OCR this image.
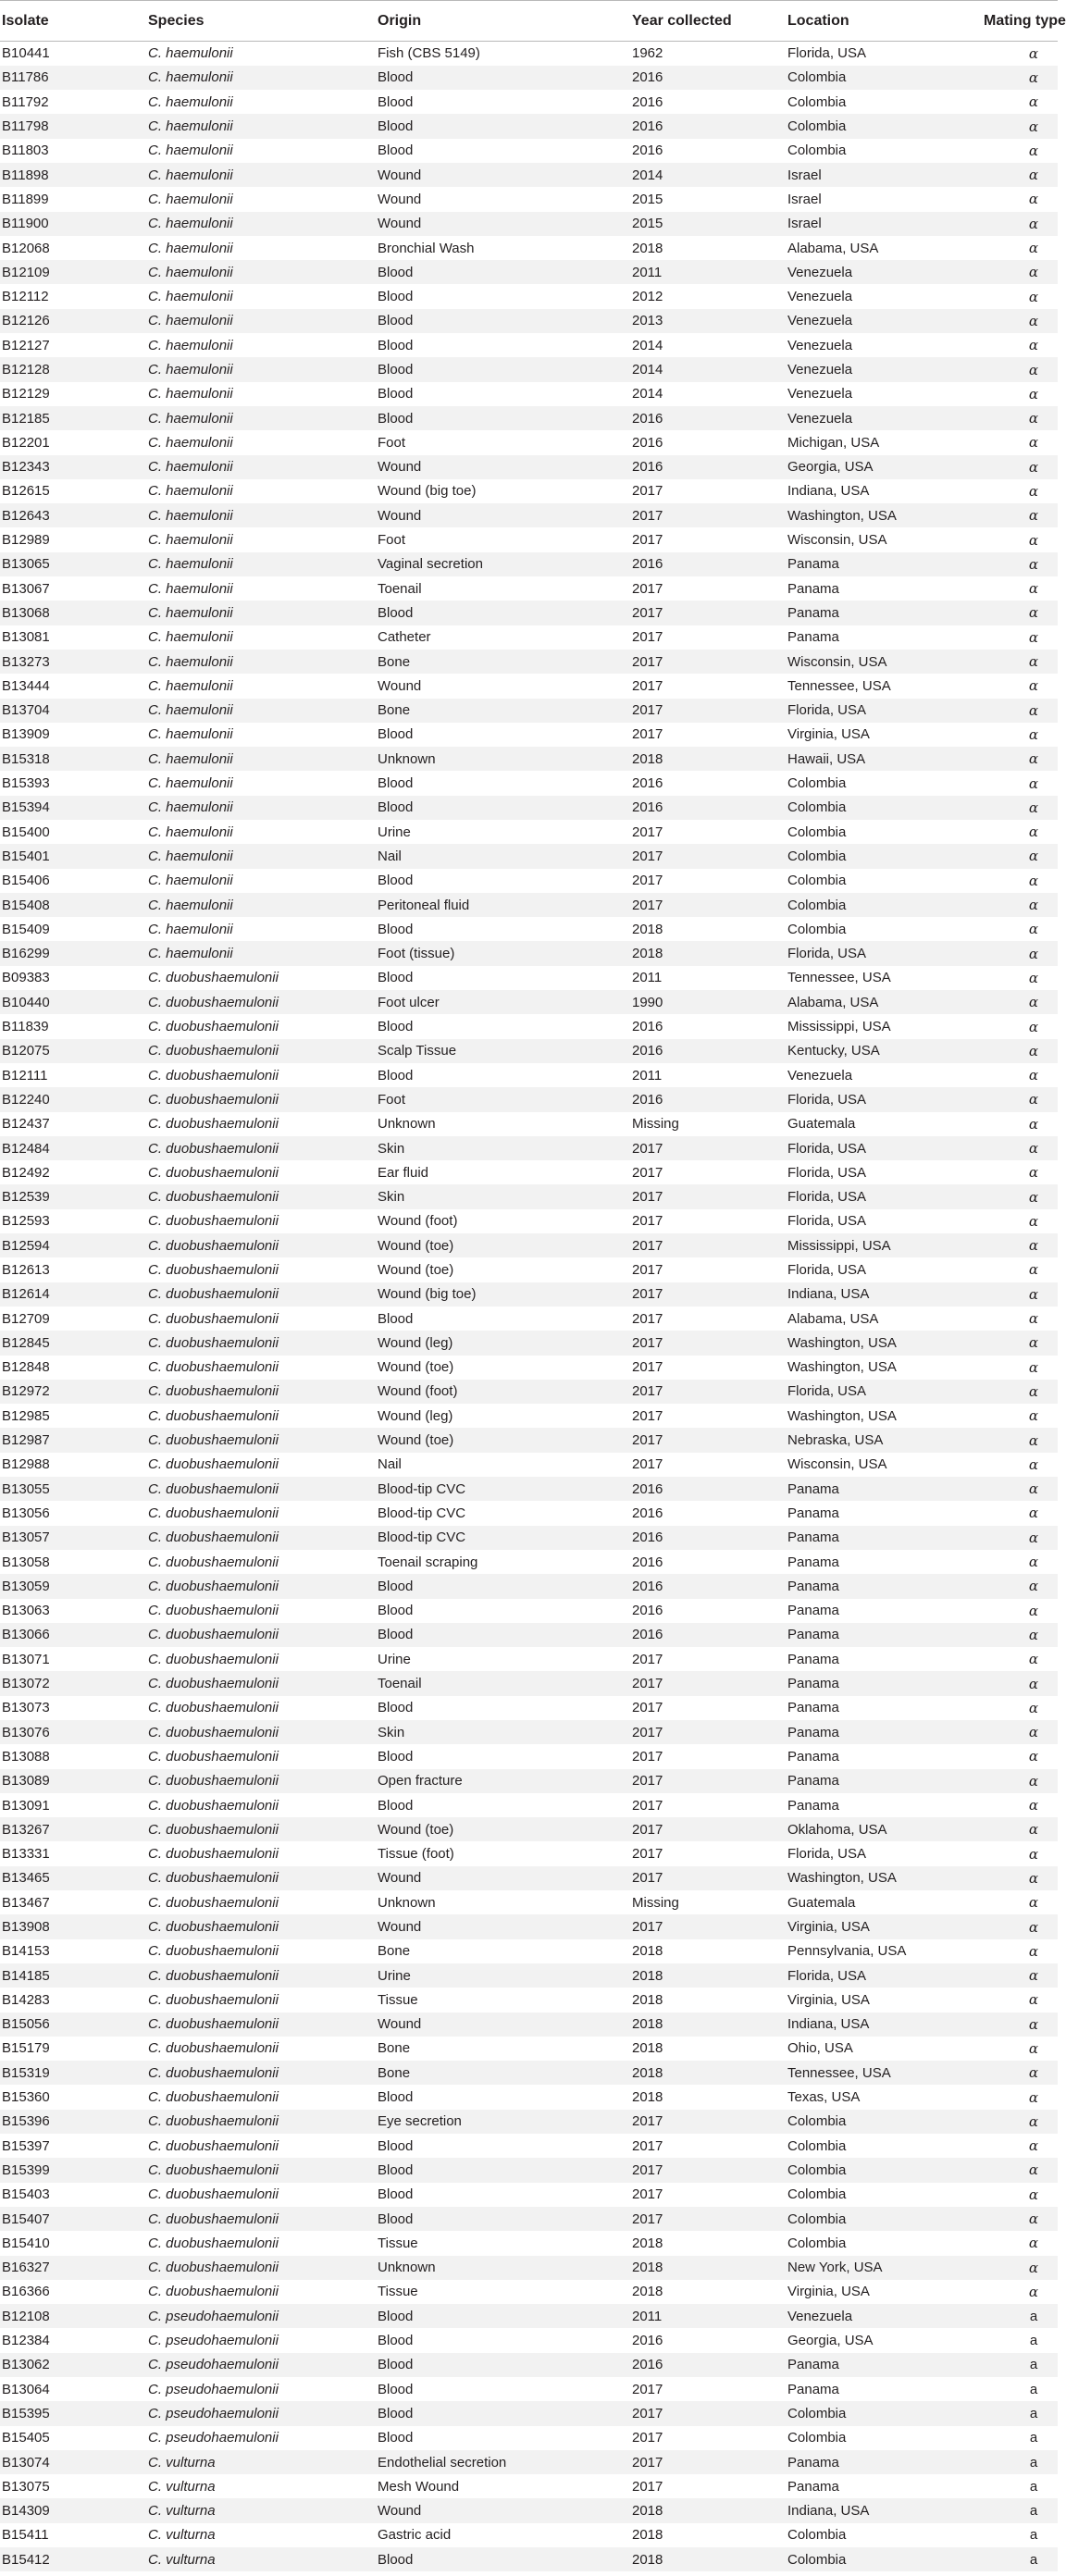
Isolate	Species	Origin	Year collected	Location	Mating type
B10441	C. haemulonii	Fish (CBS 5149)	1962	Florida, USA	α
B11786	C. haemulonii	Blood	2016	Colombia	α
B11792	C. haemulonii	Blood	2016	Colombia	α
B11798	C. haemulonii	Blood	2016	Colombia	α
B11803	C. haemulonii	Blood	2016	Colombia	α
B11898	C. haemulonii	Wound	2014	Israel	α
B11899	C. haemulonii	Wound	2015	Israel	α
B11900	C. haemulonii	Wound	2015	Israel	α
B12068	C. haemulonii	Bronchial Wash	2018	Alabama, USA	α
B12109	C. haemulonii	Blood	2011	Venezuela	α
B12112	C. haemulonii	Blood	2012	Venezuela	α
B12126	C. haemulonii	Blood	2013	Venezuela	α
B12127	C. haemulonii	Blood	2014	Venezuela	α
B12128	C. haemulonii	Blood	2014	Venezuela	α
B12129	C. haemulonii	Blood	2014	Venezuela	α
B12185	C. haemulonii	Blood	2016	Venezuela	α
B12201	C. haemulonii	Foot	2016	Michigan, USA	α
B12343	C. haemulonii	Wound	2016	Georgia, USA	α
B12615	C. haemulonii	Wound (big toe)	2017	Indiana, USA	α
B12643	C. haemulonii	Wound	2017	Washington, USA	α
B12989	C. haemulonii	Foot	2017	Wisconsin, USA	α
B13065	C. haemulonii	Vaginal secretion	2016	Panama	α
B13067	C. haemulonii	Toenail	2017	Panama	α
B13068	C. haemulonii	Blood	2017	Panama	α
B13081	C. haemulonii	Catheter	2017	Panama	α
B13273	C. haemulonii	Bone	2017	Wisconsin, USA	α
B13444	C. haemulonii	Wound	2017	Tennessee, USA	α
B13704	C. haemulonii	Bone	2017	Florida, USA	α
B13909	C. haemulonii	Blood	2017	Virginia, USA	α
B15318	C. haemulonii	Unknown	2018	Hawaii, USA	α
B15393	C. haemulonii	Blood	2016	Colombia	α
B15394	C. haemulonii	Blood	2016	Colombia	α
B15400	C. haemulonii	Urine	2017	Colombia	α
B15401	C. haemulonii	Nail	2017	Colombia	α
B15406	C. haemulonii	Blood	2017	Colombia	α
B15408	C. haemulonii	Peritoneal fluid	2017	Colombia	α
B15409	C. haemulonii	Blood	2018	Colombia	α
B16299	C. haemulonii	Foot (tissue)	2018	Florida, USA	α
B09383	C. duobushaemulonii	Blood	2011	Tennessee, USA	α
B10440	C. duobushaemulonii	Foot ulcer	1990	Alabama, USA	α
B11839	C. duobushaemulonii	Blood	2016	Mississippi, USA	α
B12075	C. duobushaemulonii	Scalp Tissue	2016	Kentucky, USA	α
B12111	C. duobushaemulonii	Blood	2011	Venezuela	α
B12240	C. duobushaemulonii	Foot	2016	Florida, USA	α
B12437	C. duobushaemulonii	Unknown	Missing	Guatemala	α
B12484	C. duobushaemulonii	Skin	2017	Florida, USA	α
B12492	C. duobushaemulonii	Ear fluid	2017	Florida, USA	α
B12539	C. duobushaemulonii	Skin	2017	Florida, USA	α
B12593	C. duobushaemulonii	Wound (foot)	2017	Florida, USA	α
B12594	C. duobushaemulonii	Wound (toe)	2017	Mississippi, USA	α
B12613	C. duobushaemulonii	Wound (toe)	2017	Florida, USA	α
B12614	C. duobushaemulonii	Wound (big toe)	2017	Indiana, USA	α
B12709	C. duobushaemulonii	Blood	2017	Alabama, USA	α
B12845	C. duobushaemulonii	Wound (leg)	2017	Washington, USA	α
B12848	C. duobushaemulonii	Wound (toe)	2017	Washington, USA	α
B12972	C. duobushaemulonii	Wound (foot)	2017	Florida, USA	α
B12985	C. duobushaemulonii	Wound (leg)	2017	Washington, USA	α
B12987	C. duobushaemulonii	Wound (toe)	2017	Nebraska, USA	α
B12988	C. duobushaemulonii	Nail	2017	Wisconsin, USA	α
B13055	C. duobushaemulonii	Blood-tip CVC	2016	Panama	α
B13056	C. duobushaemulonii	Blood-tip CVC	2016	Panama	α
B13057	C. duobushaemulonii	Blood-tip CVC	2016	Panama	α
B13058	C. duobushaemulonii	Toenail scraping	2016	Panama	α
B13059	C. duobushaemulonii	Blood	2016	Panama	α
B13063	C. duobushaemulonii	Blood	2016	Panama	α
B13066	C. duobushaemulonii	Blood	2016	Panama	α
B13071	C. duobushaemulonii	Urine	2017	Panama	α
B13072	C. duobushaemulonii	Toenail	2017	Panama	α
B13073	C. duobushaemulonii	Blood	2017	Panama	α
B13076	C. duobushaemulonii	Skin	2017	Panama	α
B13088	C. duobushaemulonii	Blood	2017	Panama	α
B13089	C. duobushaemulonii	Open fracture	2017	Panama	α
B13091	C. duobushaemulonii	Blood	2017	Panama	α
B13267	C. duobushaemulonii	Wound (toe)	2017	Oklahoma, USA	α
B13331	C. duobushaemulonii	Tissue (foot)	2017	Florida, USA	α
B13465	C. duobushaemulonii	Wound	2017	Washington, USA	α
B13467	C. duobushaemulonii	Unknown	Missing	Guatemala	α
B13908	C. duobushaemulonii	Wound	2017	Virginia, USA	α
B14153	C. duobushaemulonii	Bone	2018	Pennsylvania, USA	α
B14185	C. duobushaemulonii	Urine	2018	Florida, USA	α
B14283	C. duobushaemulonii	Tissue	2018	Virginia, USA	α
B15056	C. duobushaemulonii	Wound	2018	Indiana, USA	α
B15179	C. duobushaemulonii	Bone	2018	Ohio, USA	α
B15319	C. duobushaemulonii	Bone	2018	Tennessee, USA	α
B15360	C. duobushaemulonii	Blood	2018	Texas, USA	α
B15396	C. duobushaemulonii	Eye secretion	2017	Colombia	α
B15397	C. duobushaemulonii	Blood	2017	Colombia	α
B15399	C. duobushaemulonii	Blood	2017	Colombia	α
B15403	C. duobushaemulonii	Blood	2017	Colombia	α
B15407	C. duobushaemulonii	Blood	2017	Colombia	α
B15410	C. duobushaemulonii	Tissue	2018	Colombia	α
B16327	C. duobushaemulonii	Unknown	2018	New York, USA	α
B16366	C. duobushaemulonii	Tissue	2018	Virginia, USA	α
B12108	C. pseudohaemulonii	Blood	2011	Venezuela	a
B12384	C. pseudohaemulonii	Blood	2016	Georgia, USA	a
B13062	C. pseudohaemulonii	Blood	2016	Panama	a
B13064	C. pseudohaemulonii	Blood	2017	Panama	a
B15395	C. pseudohaemulonii	Blood	2017	Colombia	a
B15405	C. pseudohaemulonii	Blood	2017	Colombia	a
B13074	C. vulturna	Endothelial secretion	2017	Panama	a
B13075	C. vulturna	Mesh Wound	2017	Panama	a
B14309	C. vulturna	Wound	2018	Indiana, USA	a
B15411	C. vulturna	Gastric acid	2018	Colombia	a
B15412	C. vulturna	Blood	2018	Colombia	a
